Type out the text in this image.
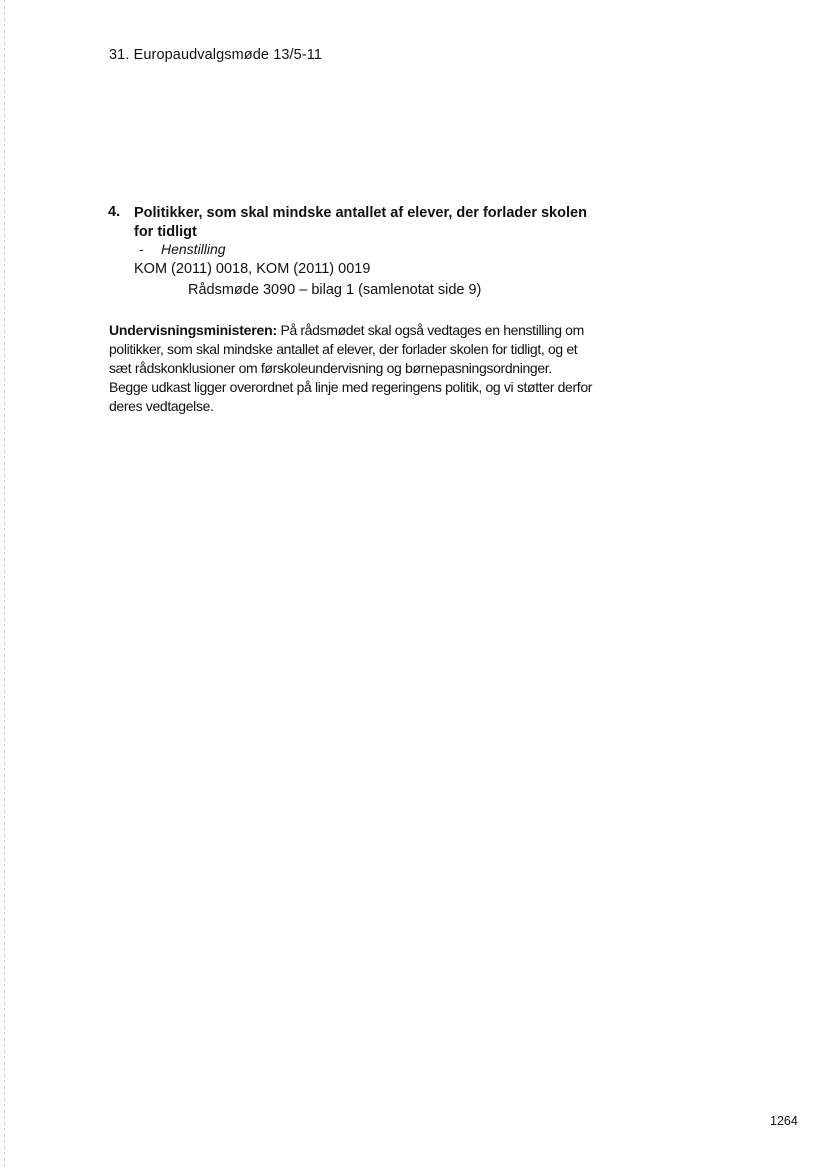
31. Europaudvalgsmøde 13/5-11
4. Politikker, som skal mindske antallet af elever, der forlader skolen for tidligt
- Henstilling
KOM (2011) 0018, KOM (2011) 0019
Rådsmøde 3090 – bilag 1 (samlenotat side 9)

Undervisningsministeren: På rådsmødet skal også vedtages en henstilling om politikker, som skal mindske antallet af elever, der forlader skolen for tidligt, og et sæt rådskonklusioner om førskoleundervisning og børnepasningsordninger.

Begge udkast ligger overordnet på linje med regeringens politik, og vi støtter derfor deres vedtagelse.

1264
